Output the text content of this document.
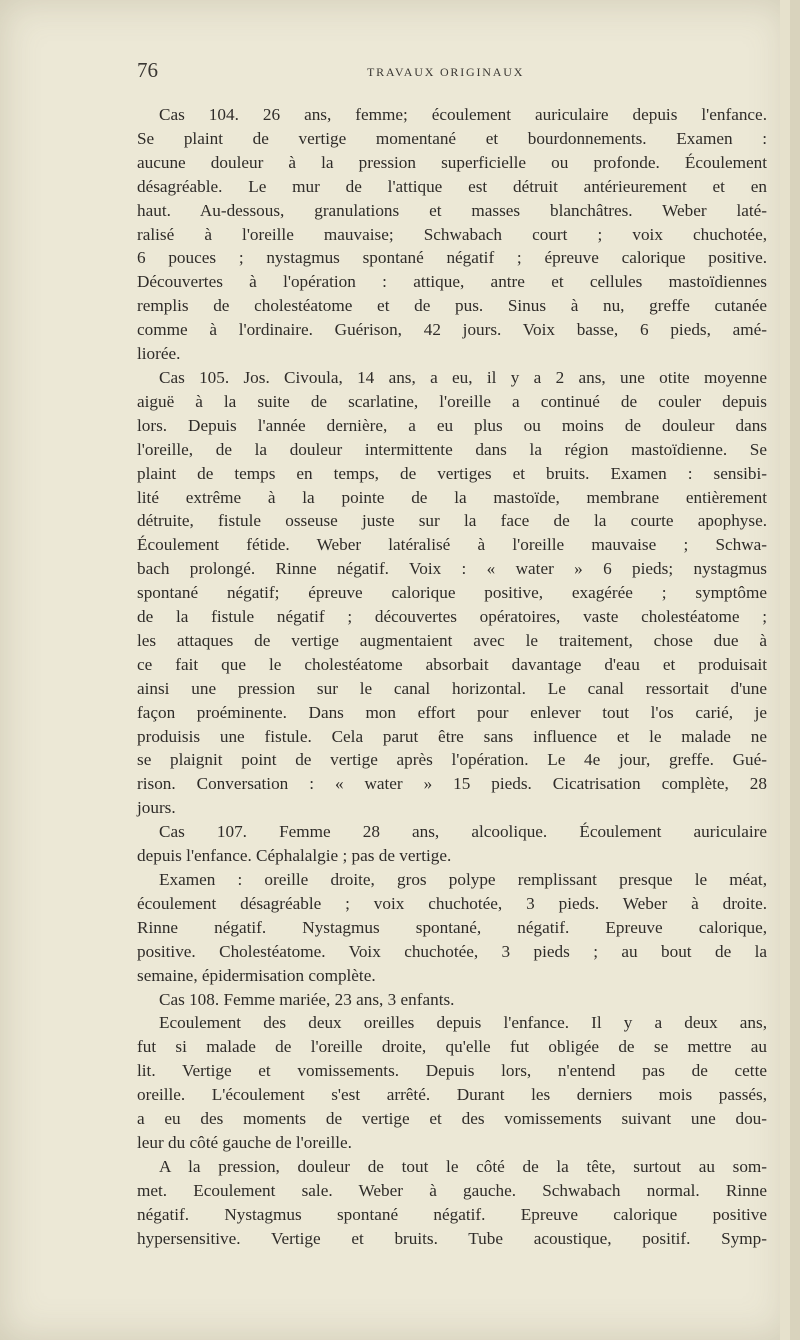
76	TRAVAUX ORIGINAUX
Cas 104. 26 ans, femme; écoulement auriculaire depuis l'enfance.
Se plaint de vertige momentané et bourdonnements. Examen :
aucune douleur à la pression superficielle ou profonde. Écoulement
désagréable. Le mur de l'attique est détruit antérieurement et en
haut. Au-dessous, granulations et masses blanchâtres. Weber laté-
ralisé à l'oreille mauvaise; Schwabach court ; voix chuchotée,
6 pouces ; nystagmus spontané négatif ; épreuve calorique positive.
Découvertes à l'opération : attique, antre et cellules mastoïdiennes
remplis de cholestéatome et de pus. Sinus à nu, greffe cutanée
comme à l'ordinaire. Guérison, 42 jours. Voix basse, 6 pieds, amé-
liorée.
Cas 105. Jos. Civoula, 14 ans, a eu, il y a 2 ans, une otite moyenne
aiguë à la suite de scarlatine, l'oreille a continué de couler depuis
lors. Depuis l'année dernière, a eu plus ou moins de douleur dans
l'oreille, de la douleur intermittente dans la région mastoïdienne. Se
plaint de temps en temps, de vertiges et bruits. Examen : sensibi-
lité extrême à la pointe de la mastoïde, membrane entièrement
détruite, fistule osseuse juste sur la face de la courte apophyse.
Écoulement fétide. Weber latéralisé à l'oreille mauvaise ; Schwa-
bach prolongé. Rinne négatif. Voix : « water » 6 pieds; nystagmus
spontané négatif; épreuve calorique positive, exagérée ; symptôme
de la fistule négatif ; découvertes opératoires, vaste cholestéatome ;
les attaques de vertige augmentaient avec le traitement, chose due à
ce fait que le cholestéatome absorbait davantage d'eau et produisait
ainsi une pression sur le canal horizontal. Le canal ressortait d'une
façon proéminente. Dans mon effort pour enlever tout l'os carié, je
produisis une fistule. Cela parut être sans influence et le malade ne
se plaignit point de vertige après l'opération. Le 4e jour, greffe. Gué-
rison. Conversation : « water » 15 pieds. Cicatrisation complète, 28
jours.
Cas 107. Femme 28 ans, alcoolique. Écoulement auriculaire
depuis l'enfance. Céphalalgie ; pas de vertige.
Examen : oreille droite, gros polype remplissant presque le méat,
écoulement désagréable ; voix chuchotée, 3 pieds. Weber à droite.
Rinne négatif. Nystagmus spontané, négatif. Epreuve calorique,
positive. Cholestéatome. Voix chuchotée, 3 pieds ; au bout de la
semaine, épidermisation complète.
Cas 108. Femme mariée, 23 ans, 3 enfants.
Ecoulement des deux oreilles depuis l'enfance. Il y a deux ans,
fut si malade de l'oreille droite, qu'elle fut obligée de se mettre au
lit. Vertige et vomissements. Depuis lors, n'entend pas de cette
oreille. L'écoulement s'est arrêté. Durant les derniers mois passés,
a eu des moments de vertige et des vomissements suivant une dou-
leur du côté gauche de l'oreille.
A la pression, douleur de tout le côté de la tête, surtout au som-
met. Ecoulement sale. Weber à gauche. Schwabach normal. Rinne
négatif. Nystagmus spontané négatif. Epreuve calorique positive
hypersensitive. Vertige et bruits. Tube acoustique, positif. Symp-
